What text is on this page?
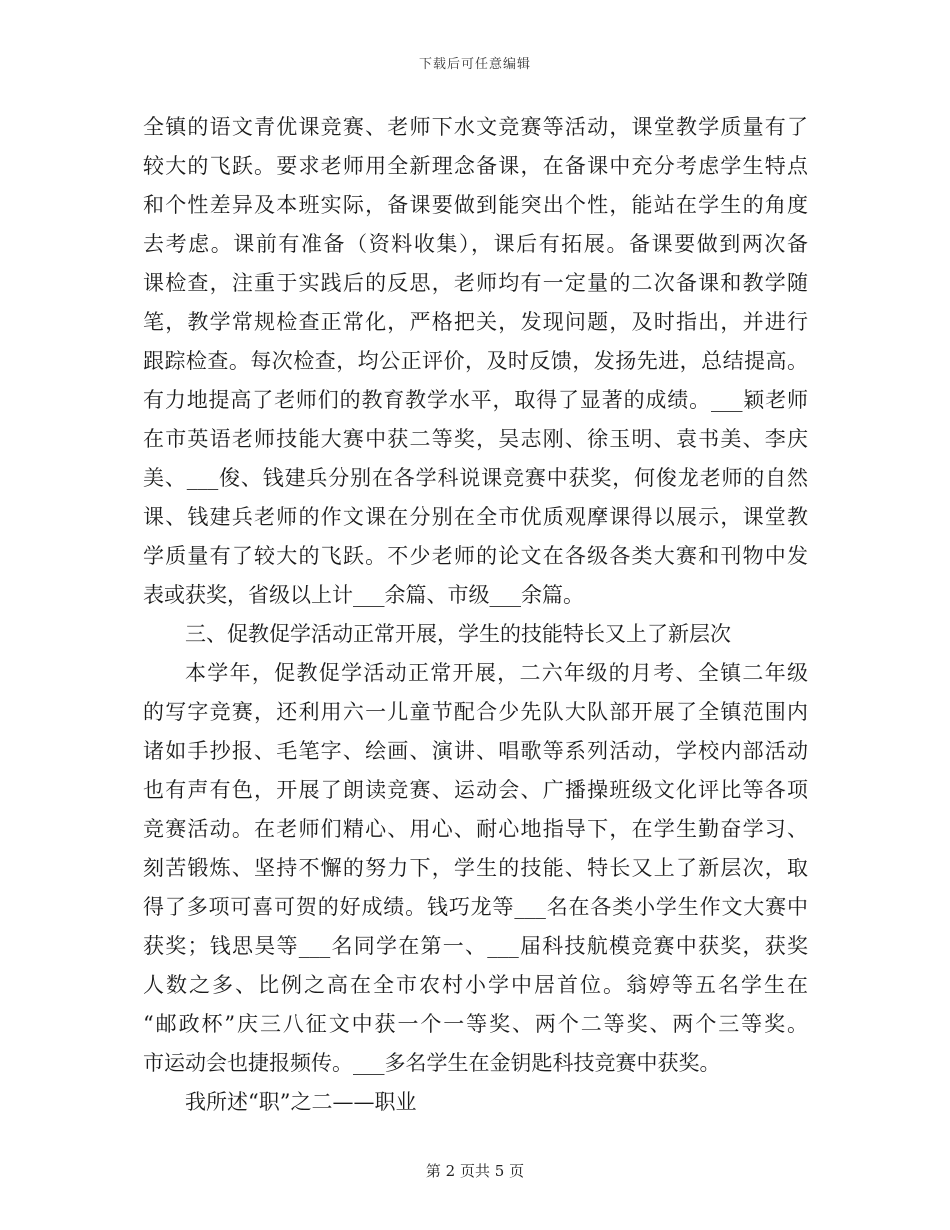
下载后可任意编辑
全镇的语文青优课竞赛、老师下水文竞赛等活动，课堂教学质量有了
较大的飞跃。要求老师用全新理念备课，在备课中充分考虑学生特点
和个性差异及本班实际，备课要做到能突出个性，能站在学生的角度
去考虑。课前有准备（资料收集），课后有拓展。备课要做到两次备
课检查，注重于实践后的反思，老师均有一定量的二次备课和教学随
笔，教学常规检查正常化，严格把关，发现问题，及时指出，并进行
跟踪检查。每次检查，均公正评价，及时反馈，发扬先进，总结提高。
有力地提高了老师们的教育教学水平，取得了显著的成绩。___颖老师
在市英语老师技能大赛中获二等奖，吴志刚、徐玉明、袁书美、李庆
美、___俊、钱建兵分别在各学科说课竞赛中获奖，何俊龙老师的自然
课、钱建兵老师的作文课在分别在全市优质观摩课得以展示，课堂教
学质量有了较大的飞跃。不少老师的论文在各级各类大赛和刊物中发
表或获奖，省级以上计___余篇、市级___余篇。
三、促教促学活动正常开展，学生的技能特长又上了新层次
本学年，促教促学活动正常开展，二六年级的月考、全镇二年级
的写字竞赛，还利用六一儿童节配合少先队大队部开展了全镇范围内
诸如手抄报、毛笔字、绘画、演讲、唱歌等系列活动，学校内部活动
也有声有色，开展了朗读竞赛、运动会、广播操班级文化评比等各项
竞赛活动。在老师们精心、用心、耐心地指导下，在学生勤奋学习、
刻苦锻炼、坚持不懈的努力下，学生的技能、特长又上了新层次，取
得了多项可喜可贺的好成绩。钱巧龙等___名在各类小学生作文大赛中
获奖；钱思昊等___名同学在第一、___届科技航模竞赛中获奖，获奖
人数之多、比例之高在全市农村小学中居首位。翁婷等五名学生在
“邮政杯”庆三八征文中获一个一等奖、两个二等奖、两个三等奖。
市运动会也捷报频传。___多名学生在金钥匙科技竞赛中获奖。
我所述“职”之二——职业
第 2 页共 5 页
